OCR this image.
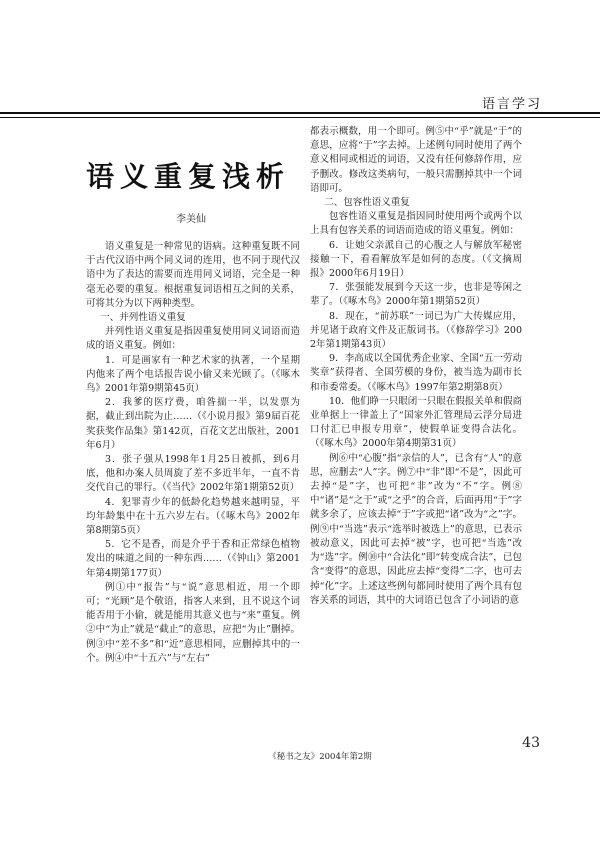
语言学习
语义重复浅析
李美仙

语义重复是一种常见的语病。这种重复既不同于古代汉语中两个同义词的连用，也不同于现代汉语中为了表达的需要而连用同义词语，完全是一种毫无必要的重复。根据重复词语相互之间的关系，可将其分为以下两种类型。

一、并列性语义重复

并列性语义重复是指因重复使用同义词语而造成的语义重复。例如：

1．可是画家有一种艺术家的执著，一个星期内他来了两个电话报告说小偷又来光顾了。（《啄木鸟》2001年第9期第45页）

2．我爹的医疗费，咱昝揣一半，以发票为据，截止到出院为止……（《小说月报》第9届百花奖获奖作品集》第142页，百花文艺出版社，2001年6月）

3．张子强从1998年1月25日被抓，到6月底，他和办案人员周旋了差不多近半年，一直不肯交代自己的罪行。（《当代》2002年第1期第52页）

4．犯罪青少年的低龄化趋势越来越明显，平均年龄集中在十五六岁左右。（《啄木鸟》2002年第8期第5页）

5．它不是香，而是介乎于香和正常绿色植物发出的味道之间的一种东西……（《钟山》第2001年第4期第177页）

例①中“报告”与“说”意思相近，用一个即可；“光顾”是个敬语，指客人来到，且不说这个词能否用于小偷，就是能用其意义也与“来”重复。例②中“为止”就是“截止”的意思，应把“为止”删掉。例③中“差不多”和“近”意思相同，应删掉其中的一个。例④中“十五六”与“左右”

都表示概数，用一个即可。例⑤中“乎”就是“于”的意思，应将“于”字去掉。上述例句同时使用了两个意义相同或相近的词语，又没有任何修辞作用，应予删改。修改这类病句，一般只需删掉其中一个词语即可。

二、包容性语义重复

包容性语义重复是指因同时使用两个或两个以上具有包容关系的词语而造成的语义重复。例如：

6．让她父亲派自己的心腹之人与解放军秘密接触一下，看看解放军是如何的态度。（《文摘周报》2000年6月19日）

7．张强能发展到今天这一步，也非是等闲之辈了。（《啄木鸟》2000年第1期第52页）

8．现在，“前苏联”一词已为广大传媒应用，并见诸于政府文件及正版词书。（《修辞学习》2002年第1期第43页）

9．李高成以全国优秀企业家、全国“五一劳动奖章”获得者、全国劳模的身份，被当选为副市长和市委常委。（《啄木鸟》1997年第2期第8页）

10．他们睁一只眼闭一只眼在假报关单和假商业单据上一律盖上了“国家外汇管理局云浮分局进口付汇已申报专用章”，使假单证变得合法化。（《啄木鸟》2000年第4期第31页）

例⑥中“心腹”指“亲信的人”，已含有“人”的意思，应删去“人”字。例⑦中“非”即“不是”，因此可去掉“是”字，也可把“非”改为“不”字。例⑧中“诸”是“之于”或“之乎”的合音，后面再用“于”字就多余了，应该去掉“于”字或把“诸”改为“之”字。例⑨中“当选”表示“选举时被选上”的意思，已表示被动意义，因此可去掉“被”字，也可把“当选”改为“选”字。例⑩中“合法化”即“转变成合法”，已包含“变得”的意思，因此应去掉“变得”二字，也可去掉“化”字。上述这些例句都同时使用了两个具有包容关系的词语，其中的大词语已包含了小词语的意

《秘书之友》2004年第2期
43
